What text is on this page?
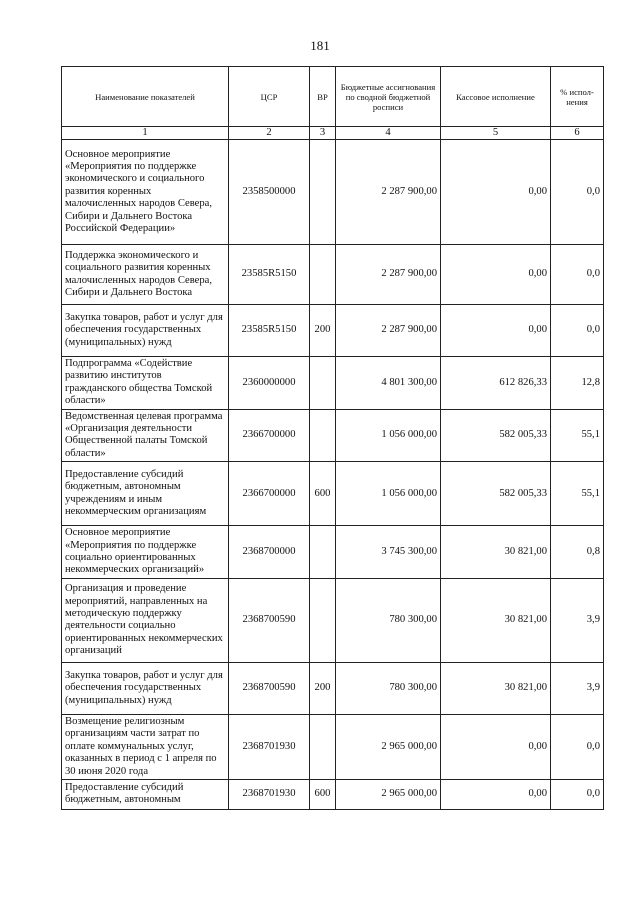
181
Наименование показателей	ЦСР	ВР	Бюджетные ассигнования по сводной бюджетной росписи	Кассовое исполнение	% испол-нения
1	2	3	4	5	6
Основное мероприятие «Мероприятия по поддержке экономического и социального развития коренных малочисленных народов Севера, Сибири и Дальнего Востока Российской Федерации»	2358500000		2 287 900,00	0,00	0,0
Поддержка экономического и социального развития коренных малочисленных народов Севера, Сибири и Дальнего Востока	23585R5150		2 287 900,00	0,00	0,0
Закупка товаров, работ и услуг для обеспечения государственных (муниципальных) нужд	23585R5150	200	2 287 900,00	0,00	0,0
Подпрограмма «Содействие развитию институтов гражданского общества Томской области»	2360000000		4 801 300,00	612 826,33	12,8
Ведомственная целевая программа «Организация деятельности Общественной палаты Томской области»	2366700000		1 056 000,00	582 005,33	55,1
Предоставление субсидий бюджетным, автономным учреждениям и иным некоммерческим организациям	2366700000	600	1 056 000,00	582 005,33	55,1
Основное мероприятие «Мероприятия по поддержке социально ориентированных некоммерческих организаций»	2368700000		3 745 300,00	30 821,00	0,8
Организация и проведение мероприятий, направленных на методическую поддержку деятельности социально ориентированных некоммерческих организаций	2368700590		780 300,00	30 821,00	3,9
Закупка товаров, работ и услуг для обеспечения государственных (муниципальных) нужд	2368700590	200	780 300,00	30 821,00	3,9
Возмещение религиозным организациям части затрат по оплате коммунальных услуг, оказанных в период с 1 апреля по 30 июня 2020 года	2368701930		2 965 000,00	0,00	0,0
Предоставление субсидий бюджетным, автономным	2368701930	600	2 965 000,00	0,00	0,0
